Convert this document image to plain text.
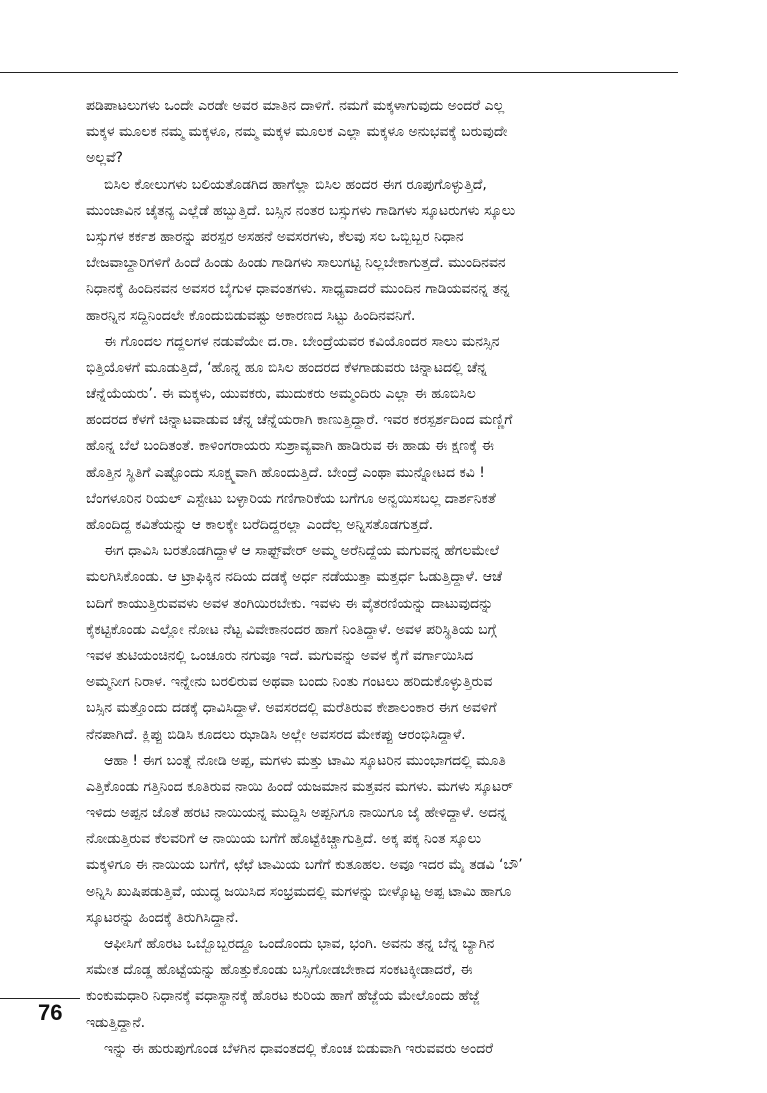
ಪಡಿಪಾಟಲುಗಳು ಒಂದೇ ಎರಡೇ ಅವರ ಮಾತಿನ ದಾಳಿಗೆ. ನಮಗೆ ಮಕ್ಕಳಾಗುವುದು ಅಂದರೆ ಎಲ್ಲ
ಮಕ್ಕಳ ಮೂಲಕ ನಮ್ಮ ಮಕ್ಕಳೂ, ನಮ್ಮ ಮಕ್ಕಳ ಮೂಲಕ ಎಲ್ಲಾ ಮಕ್ಕಳೂ ಅನುಭವಕ್ಕೆ ಬರುವುದೇ
ಅಲ್ಲವೆ?
ಬಿಸಿಲ ಕೋಲುಗಳು ಬಲಿಯತೊಡಗಿದ ಹಾಗೆಲ್ಲಾ ಬಿಸಿಲ ಹಂದರ ಈಗ ರೂಪುಗೊಳ್ಳುತ್ತಿದೆ,
ಮುಂಜಾವಿನ ಚೈತನ್ಯ ಎಲ್ಲೆಡೆ ಹಬ್ಬುತ್ತಿದೆ. ಬಸ್ಸಿನ ನಂತರ ಬಸ್ಸುಗಳು ಗಾಡಿಗಳು ಸ್ಕೂಟರುಗಳು ಸ್ಕೂಲು
ಬಸ್ಸುಗಳ ಕರ್ಕಶ ಹಾರನ್ನು ಪರಸ್ಪರ ಅಸಹನೆ ಅವಸರಗಳು, ಕೆಲವು ಸಲ ಒಬ್ಬಿಬ್ಬರ ನಿಧಾನ
ಬೇಜವಾಬ್ದಾರಿಗಳಿಗೆ ಹಿಂದೆ ಹಿಂಡು ಹಿಂಡು ಗಾಡಿಗಳು ಸಾಲುಗಟ್ಟಿ ನಿಲ್ಲಬೇಕಾಗುತ್ತದೆ. ಮುಂದಿನವನ
ನಿಧಾನಕ್ಕೆ ಹಿಂದಿನವನ ಅವಸರ ಬೈಗುಳ ಧಾವಂತಗಳು. ಸಾಧ್ಯವಾದರೆ ಮುಂದಿನ ಗಾಡಿಯವನನ್ನ ತನ್ನ
ಹಾರನ್ನಿನ ಸದ್ದಿನಿಂದಲೇ ಕೊಂದುಬಿಡುವಷ್ಟು ಅಕಾರಣದ ಸಿಟ್ಟು ಹಿಂದಿನವನಿಗೆ.
ಈ ಗೊಂದಲ ಗದ್ದಲಗಳ ನಡುವೆಯೇ ದ.ರಾ. ಬೇಂದ್ರೆಯವರ ಕವಿಯೊಂದರ ಸಾಲು ಮನಸ್ಸಿನ
ಭಿತ್ತಿಯೊಳಗೆ ಮೂಡುತ್ತಿದೆ, ‘ಹೊನ್ನ ಹೂ ಬಿಸಿಲ ಹಂದರದ ಕೆಳಗಾಡುವರು ಚಿನ್ನಾಟದಲ್ಲಿ ಚೆನ್ನ
ಚೆನ್ನೆಯೆಯರು’. ಈ ಮಕ್ಕಳು, ಯುವಕರು, ಮುದುಕರು ಅಮ್ಮಂದಿರು ಎಲ್ಲಾ ಈ ಹೂಬಿಸಿಲ
ಹಂದರದ ಕೆಳಗೆ ಚಿನ್ನಾಟವಾಡುವ ಚೆನ್ನ ಚೆನ್ನೆಯರಾಗಿ ಕಾಣುತ್ತಿದ್ದಾರೆ. ಇವರ ಕರಸ್ಪರ್ಶದಿಂದ ಮಣ್ಣಿಗೆ
ಹೊನ್ನ ಬೆಲೆ ಬಂದಿತಂತೆ. ಕಾಳಿಂಗರಾಯರು ಸುಶ್ರಾವ್ಯವಾಗಿ ಹಾಡಿರುವ ಈ ಹಾಡು ಈ ಕ್ಷಣಕ್ಕೆ ಈ
ಹೊತ್ತಿನ ಸ್ಥಿತಿಗೆ ಎಷ್ಟೊಂದು ಸೂಕ್ಷ್ಮವಾಗಿ ಹೊಂದುತ್ತಿದೆ. ಬೇಂದ್ರೆ ಎಂಥಾ ಮುನ್ನೋಟದ ಕವಿ !
ಬೆಂಗಳೂರಿನ ರಿಯಲ್ ಎಸ್ಟೇಟು ಬಳ್ಳಾರಿಯ ಗಣಿಗಾರಿಕೆಯ ಬಗೆಗೂ ಅನ್ವಯಿಸಬಲ್ಲ ದಾರ್ಶನಿಕತೆ
ಹೊಂದಿದ್ದ ಕವಿತೆಯನ್ನು ಆ ಕಾಲಕ್ಕೇ ಬರೆದಿದ್ದರಲ್ಲಾ ಎಂದೆಲ್ಲ ಅನ್ನಿಸತೊಡಗುತ್ತದೆ.
ಈಗ ಧಾವಿಸಿ ಬರತೊಡಗಿದ್ದಾಳೆ ಆ ಸಾಫ್ಟ್‌ವೇರ್ ಅಮ್ಮ ಅರೆನಿದ್ದೆಯ ಮಗುವನ್ನ ಹೆಗಲಮೇಲೆ
ಮಲಗಿಸಿಕೊಂಡು. ಆ ಟ್ರಾಫಿಕ್ಕಿನ ನದಿಯ ದಡಕ್ಕೆ ಅರ್ಧ ನಡೆಯುತ್ತಾ ಮತ್ತರ್ಧ ಓಡುತ್ತಿದ್ದಾಳೆ. ಆಚೆ
ಬದಿಗೆ ಕಾಯುತ್ತಿರುವವಳು ಅವಳ ತಂಗಿಯಿರಬೇಕು. ಇವಳು ಈ ವೈತರಣಿಯನ್ನು ದಾಟುವುದನ್ನು
ಕೈಕಟ್ಟಿಕೊಂಡು ಎಲ್ಲೋ ನೋಟ ನೆಟ್ಟ ವಿವೇಕಾನಂದರ ಹಾಗೆ ನಿಂತಿದ್ದಾಳೆ. ಅವಳ ಪರಿಸ್ಥಿತಿಯ ಬಗ್ಗೆ
ಇವಳ ತುಟಿಯಂಚಿನಲ್ಲಿ ಒಂಚೂರು ನಗುವೂ ಇದೆ. ಮಗುವನ್ನು ಅವಳ ಕೈಗೆ ವರ್ಗಾಯಿಸಿದ
ಅಮ್ಮನೀಗ ನಿರಾಳ. ಇನ್ನೇನು ಬರಲಿರುವ ಅಥವಾ ಬಂದು ನಿಂತು ಗಂಟಲು ಹರಿದುಕೊಳ್ಳುತ್ತಿರುವ
ಬಸ್ಸಿನ ಮತ್ತೊಂದು ದಡಕ್ಕೆ ಧಾವಿಸಿದ್ದಾಳೆ. ಅವಸರದಲ್ಲಿ ಮರೆತಿರುವ ಕೇಶಾಲಂಕಾರ ಈಗ ಅವಳಿಗೆ
ನೆನಪಾಗಿದೆ. ಕ್ಲಿಪ್ಪು ಬಿಡಿಸಿ ಕೂದಲು ಝಾಡಿಸಿ ಅಲ್ಲೇ ಅವಸರದ ಮೇಕಪ್ಪು ಆರಂಭಿಸಿದ್ದಾಳೆ.
ಆಹಾ ! ಈಗ ಬಂತ್ನೆ ನೋಡಿ ಅಪ್ಪ, ಮಗಳು ಮತ್ತು ಟಾಮಿ ಸ್ಕೂಟರಿನ ಮುಂಭಾಗದಲ್ಲಿ ಮೂತಿ
ಎತ್ತಿಕೊಂಡು ಗತ್ತಿನಿಂದ ಕೂತಿರುವ ನಾಯಿ ಹಿಂದೆ ಯಜಮಾನ ಮತ್ತವನ ಮಗಳು. ಮಗಳು ಸ್ಕೂಟರ್
ಇಳಿದು ಅಪ್ಪನ ಜೊತೆ ಹರಟಿ ನಾಯಿಯನ್ನ ಮುದ್ದಿಸಿ ಅಪ್ಪನಿಗೂ ನಾಯಿಗೂ ಜೈ ಹೇಳಿದ್ದಾಳೆ. ಅದನ್ನ
ನೋಡುತ್ತಿರುವ ಕೆಲವರಿಗೆ ಆ ನಾಯಿಯ ಬಗೆಗೆ ಹೊಟ್ಟೆಕಿಚ್ಚಾಗುತ್ತಿದೆ. ಅಕ್ಕ ಪಕ್ಕ ನಿಂತ ಸ್ಕೂಲು
ಮಕ್ಕಳಿಗೂ ಈ ನಾಯಿಯ ಬಗೆಗೆ, ಛೆಛೆ ಟಾಮಿಯ ಬಗೆಗೆ ಕುತೂಹಲ. ಅವೂ ಇದರ ಮೈ ತಡವಿ ‘ಬೌ’
ಅನ್ನಿಸಿ ಖುಷಿಪಡುತ್ತಿವೆ, ಯುದ್ಧ ಜಯಿಸಿದ ಸಂಭ್ರಮದಲ್ಲಿ ಮಗಳನ್ನು ಬೀಳ್ಕೊಟ್ಟ ಅಪ್ಪ ಟಾಮಿ ಹಾಗೂ
ಸ್ಕೂಟರನ್ನು ಹಿಂದಕ್ಕೆ ತಿರುಗಿಸಿದ್ದಾನೆ.
ಆಫೀಸಿಗೆ ಹೊರಟ ಒಬ್ಬೊಬ್ಬರದ್ದೂ ಒಂದೊಂದು ಭಾವ, ಭಂಗಿ. ಅವನು ತನ್ನ ಬೆನ್ನ ಬ್ಯಾಗಿನ
ಸಮೇತ ದೊಡ್ಡ ಹೊಟ್ಟೆಯನ್ನು ಹೊತ್ತುಕೊಂಡು ಬಸ್ಸಿಗೋಡಬೇಕಾದ ಸಂಕಟಕ್ಕೀಡಾದರೆ, ಈ
ಕುಂಕುಮಧಾರಿ ನಿಧಾನಕ್ಕೆ ವಧಾಸ್ಥಾನಕ್ಕೆ ಹೊರಟ ಕುರಿಯ ಹಾಗೆ ಹೆಜ್ಜೆಯ ಮೇಲೊಂದು ಹೆಜ್ಜೆ
ಇಡುತ್ತಿದ್ದಾನೆ.
ಇನ್ನು ಈ ಹುರುಪುಗೊಂಡ ಬೆಳಗಿನ ಧಾವಂತದಲ್ಲಿ ಕೊಂಚ ಬಿಡುವಾಗಿ ಇರುವವರು ಅಂದರೆ
76
